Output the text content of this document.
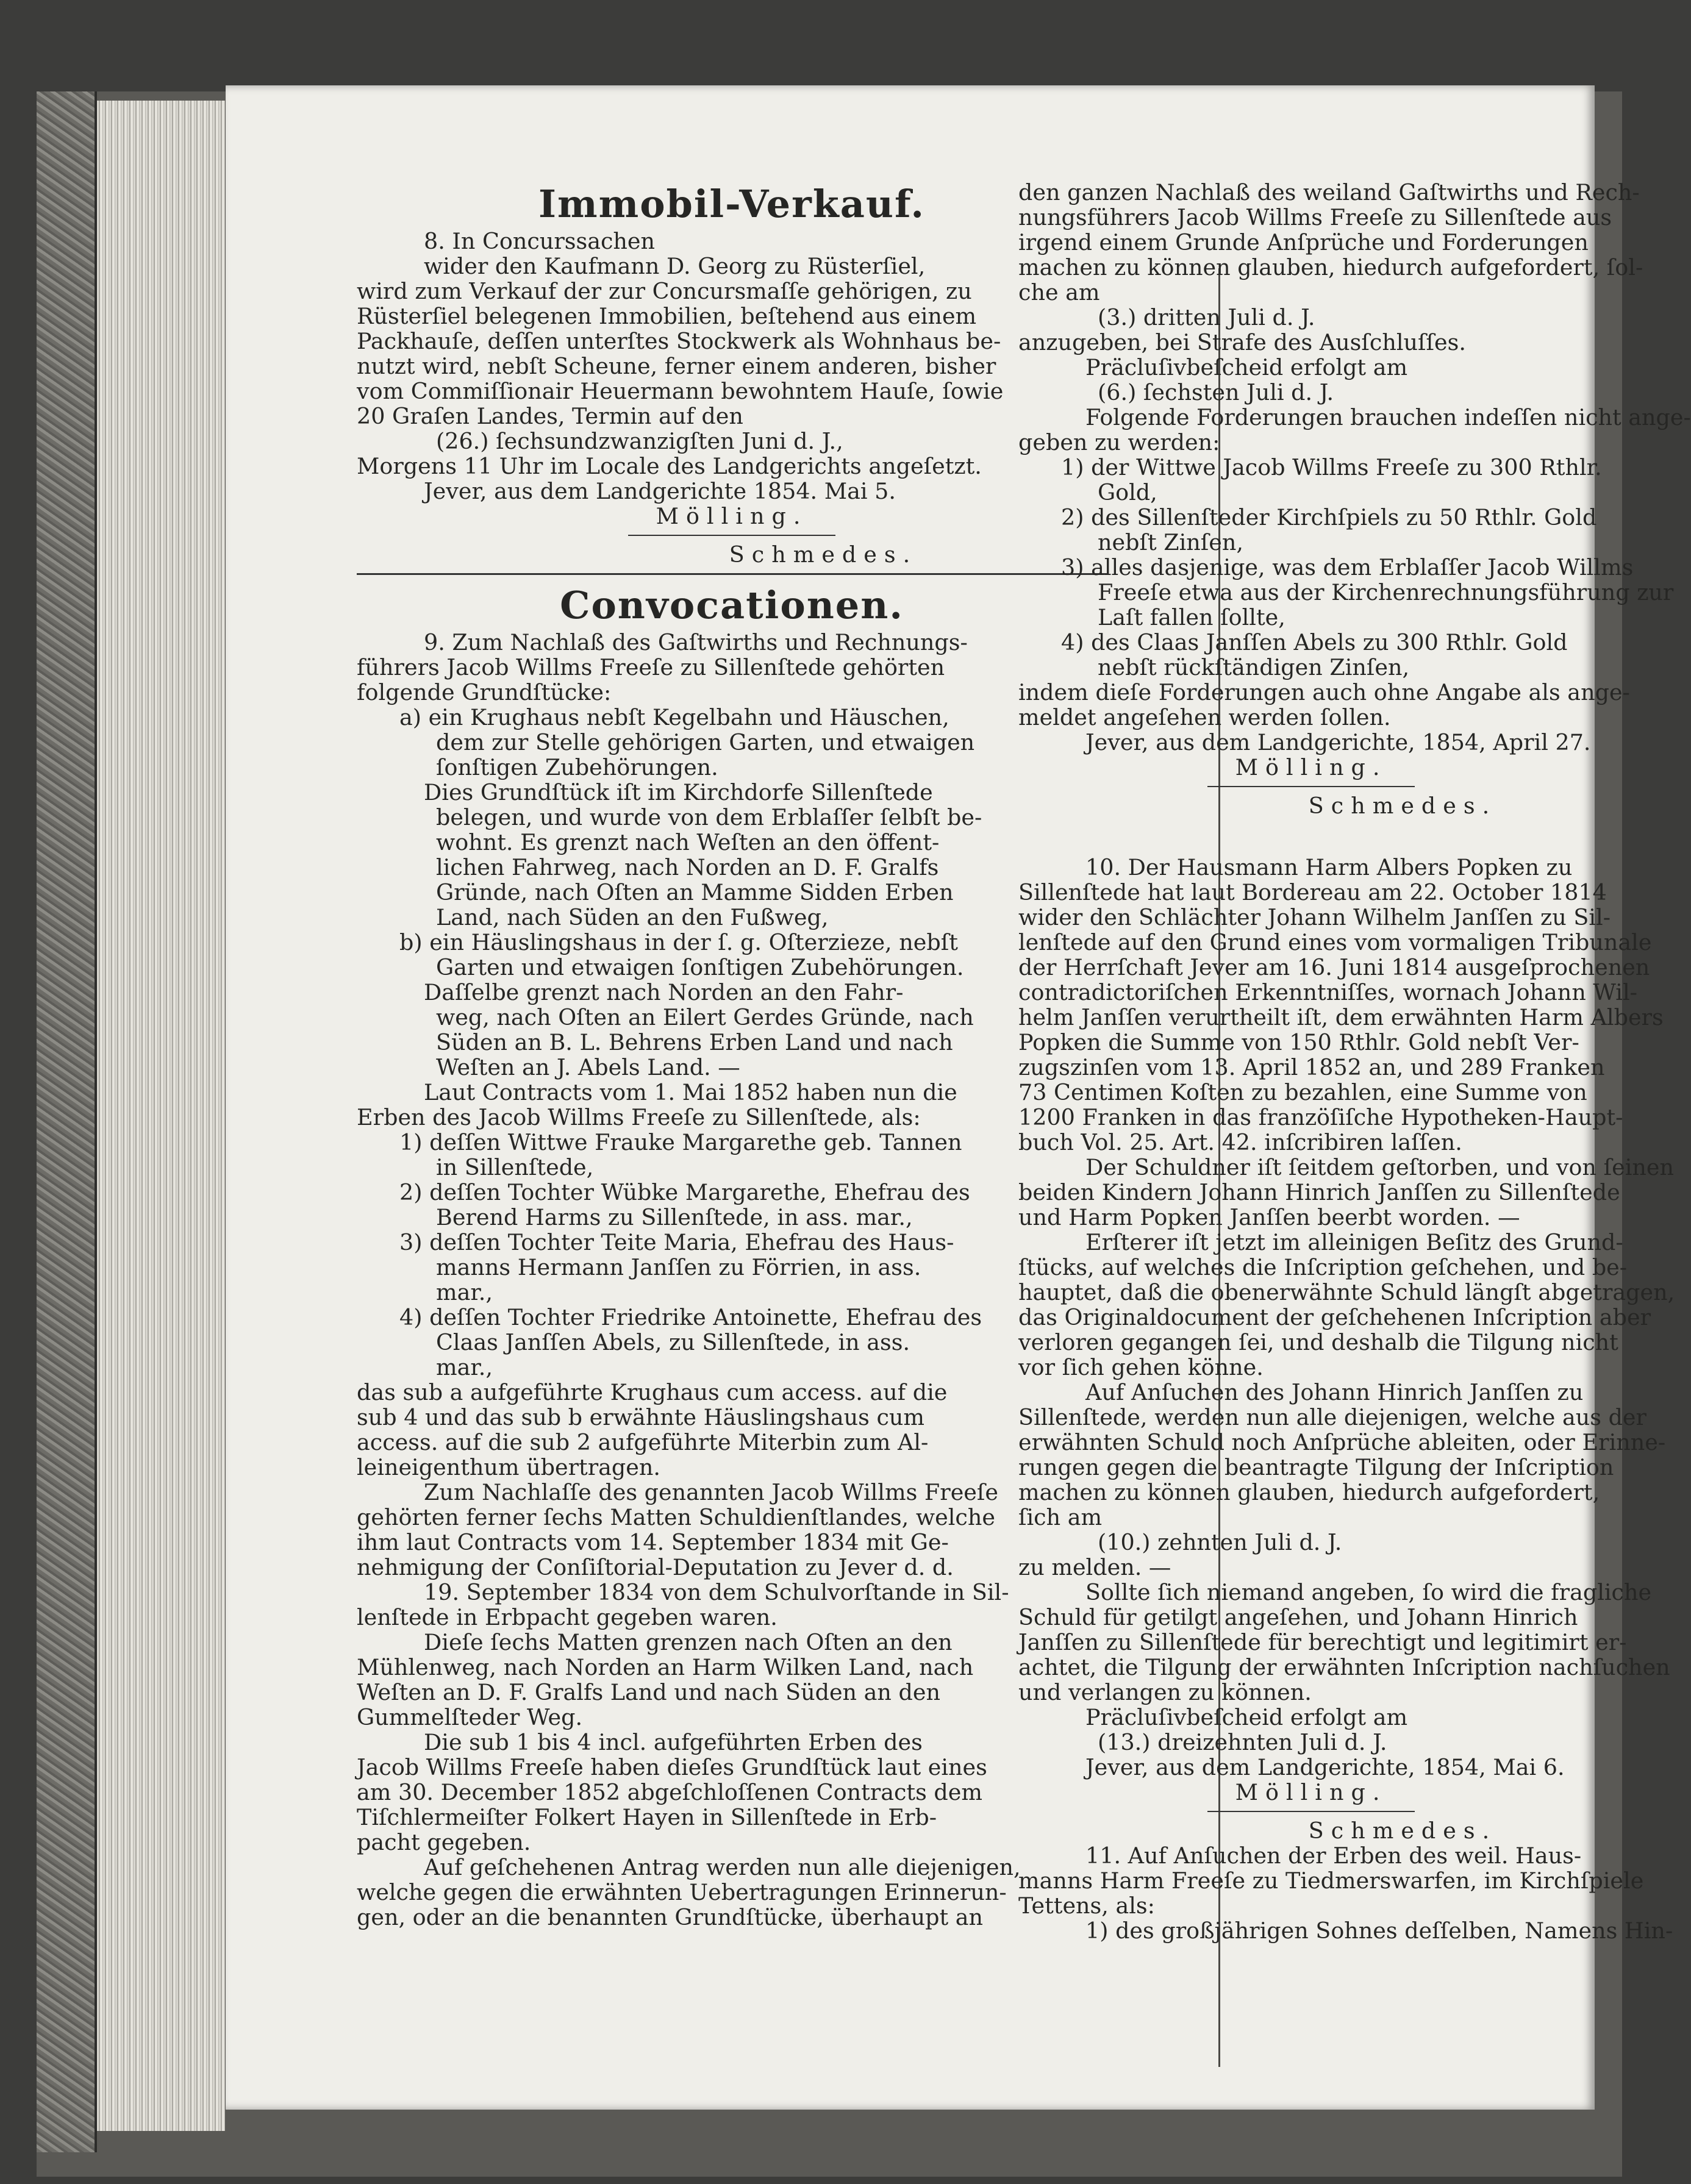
Immobil-Verkauf.
8. In Concurssachen
wider den Kaufmann D. Georg zu Rüsterſiel,
wird zum Verkauf der zur Concursmaſſe gehörigen, zu
Rüsterſiel belegenen Immobilien, beſtehend aus einem
Packhauſe, deſſen unterſtes Stockwerk als Wohnhaus be-
nutzt wird, nebſt Scheune, ferner einem anderen, bisher
vom Commiſſionair Heuermann bewohntem Hauſe, ſowie
20 Graſen Landes, Termin auf den
(26.) ſechsundzwanzigſten Juni d. J.,
Morgens 11 Uhr im Locale des Landgerichts angeſetzt.
Jever, aus dem Landgerichte 1854. Mai 5.
Mölling.
Schmedes.
Convocationen.
9. Zum Nachlaß des Gaſtwirths und Rechnungs-
führers Jacob Willms Freeſe zu Sillenſtede gehörten
folgende Grundſtücke:
a) ein Krughaus nebſt Kegelbahn und Häuschen,
dem zur Stelle gehörigen Garten, und etwaigen
ſonſtigen Zubehörungen.
Dies Grundſtück iſt im Kirchdorfe Sillenſtede
belegen, und wurde von dem Erblaſſer ſelbſt be-
wohnt. Es grenzt nach Weſten an den öffent-
lichen Fahrweg, nach Norden an D. F. Gralfs
Gründe, nach Oſten an Mamme Sidden Erben
Land, nach Süden an den Fußweg,
b) ein Häuslingshaus in der ſ. g. Oſterzieze, nebſt
Garten und etwaigen ſonſtigen Zubehörungen.
Daſſelbe grenzt nach Norden an den Fahr-
weg, nach Oſten an Eilert Gerdes Gründe, nach
Süden an B. L. Behrens Erben Land und nach
Weſten an J. Abels Land. —
Laut Contracts vom 1. Mai 1852 haben nun die
Erben des Jacob Willms Freeſe zu Sillenſtede, als:
1) deſſen Wittwe Frauke Margarethe geb. Tannen
in Sillenſtede,
2) deſſen Tochter Wübke Margarethe, Ehefrau des
Berend Harms zu Sillenſtede, in ass. mar.,
3) deſſen Tochter Teite Maria, Ehefrau des Haus-
manns Hermann Janſſen zu Förrien, in ass.
mar.,
4) deſſen Tochter Friedrike Antoinette, Ehefrau des
Claas Janſſen Abels, zu Sillenſtede, in ass.
mar.,
das sub a aufgeführte Krughaus cum access. auf die
sub 4 und das sub b erwähnte Häuslingshaus cum
access. auf die sub 2 aufgeführte Miterbin zum Al-
leineigenthum übertragen.
Zum Nachlaſſe des genannten Jacob Willms Freeſe
gehörten ferner ſechs Matten Schuldienſtlandes, welche
ihm laut Contracts vom 14. September 1834 mit Ge-
nehmigung der Conſiſtorial-Deputation zu Jever d. d.
19. September 1834 von dem Schulvorſtande in Sil-
lenſtede in Erbpacht gegeben waren.
Dieſe ſechs Matten grenzen nach Oſten an den
Mühlenweg, nach Norden an Harm Wilken Land, nach
Weſten an D. F. Gralfs Land und nach Süden an den
Gummelſteder Weg.
Die sub 1 bis 4 incl. aufgeführten Erben des
Jacob Willms Freeſe haben dieſes Grundſtück laut eines
am 30. December 1852 abgeſchloſſenen Contracts dem
Tiſchlermeiſter Folkert Hayen in Sillenſtede in Erb-
pacht gegeben.
Auf geſchehenen Antrag werden nun alle diejenigen,
welche gegen die erwähnten Uebertragungen Erinnerun-
gen, oder an die benannten Grundſtücke, überhaupt an
den ganzen Nachlaß des weiland Gaſtwirths und Rech-
nungsführers Jacob Willms Freeſe zu Sillenſtede aus
irgend einem Grunde Anſprüche und Forderungen
machen zu können glauben, hiedurch aufgefordert, ſol-
che am
(3.) dritten Juli d. J.
anzugeben, bei Strafe des Ausſchluſſes.
Präcluſivbeſcheid erfolgt am
(6.) ſechsten Juli d. J.
Folgende Forderungen brauchen indeſſen nicht ange-
geben zu werden:
1) der Wittwe Jacob Willms Freeſe zu 300 Rthlr.
Gold,
2) des Sillenſteder Kirchſpiels zu 50 Rthlr. Gold
nebſt Zinſen,
3) alles dasjenige, was dem Erblaſſer Jacob Willms
Freeſe etwa aus der Kirchenrechnungsführung zur
Laſt fallen ſollte,
4) des Claas Janſſen Abels zu 300 Rthlr. Gold
nebſt rückſtändigen Zinſen,
indem dieſe Forderungen auch ohne Angabe als ange-
meldet angeſehen werden ſollen.
Jever, aus dem Landgerichte, 1854, April 27.
Mölling.
Schmedes.
10. Der Hausmann Harm Albers Popken zu
Sillenſtede hat laut Bordereau am 22. October 1814
wider den Schlächter Johann Wilhelm Janſſen zu Sil-
lenſtede auf den Grund eines vom vormaligen Tribunale
der Herrſchaft Jever am 16. Juni 1814 ausgeſprochenen
contradictoriſchen Erkenntniſſes, wornach Johann Wil-
helm Janſſen verurtheilt iſt, dem erwähnten Harm Albers
Popken die Summe von 150 Rthlr. Gold nebſt Ver-
zugszinſen vom 13. April 1852 an, und 289 Franken
73 Centimen Koſten zu bezahlen, eine Summe von
1200 Franken in das franzöſiſche Hypotheken-Haupt-
buch Vol. 25. Art. 42. inſcribiren laſſen.
Der Schuldner iſt ſeitdem geſtorben, und von ſeinen
beiden Kindern Johann Hinrich Janſſen zu Sillenſtede
und Harm Popken Janſſen beerbt worden. —
Erſterer iſt jetzt im alleinigen Beſitz des Grund-
ſtücks, auf welches die Inſcription geſchehen, und be-
hauptet, daß die obenerwähnte Schuld längſt abgetragen,
das Originaldocument der geſchehenen Inſcription aber
verloren gegangen ſei, und deshalb die Tilgung nicht
vor ſich gehen könne.
Auf Anſuchen des Johann Hinrich Janſſen zu
Sillenſtede, werden nun alle diejenigen, welche aus der
erwähnten Schuld noch Anſprüche ableiten, oder Erinne-
rungen gegen die beantragte Tilgung der Inſcription
machen zu können glauben, hiedurch aufgefordert,
ſich am
(10.) zehnten Juli d. J.
zu melden. —
Sollte ſich niemand angeben, ſo wird die fragliche
Schuld für getilgt angeſehen, und Johann Hinrich
Janſſen zu Sillenſtede für berechtigt und legitimirt er-
achtet, die Tilgung der erwähnten Inſcription nachſuchen
und verlangen zu können.
Präcluſivbeſcheid erfolgt am
(13.) dreizehnten Juli d. J.
Jever, aus dem Landgerichte, 1854, Mai 6.
Mölling.
Schmedes.
11. Auf Anſuchen der Erben des weil. Haus-
manns Harm Freeſe zu Tiedmerswarfen, im Kirchſpiele
Tettens, als:
1) des großjährigen Sohnes deſſelben, Namens Hin-
